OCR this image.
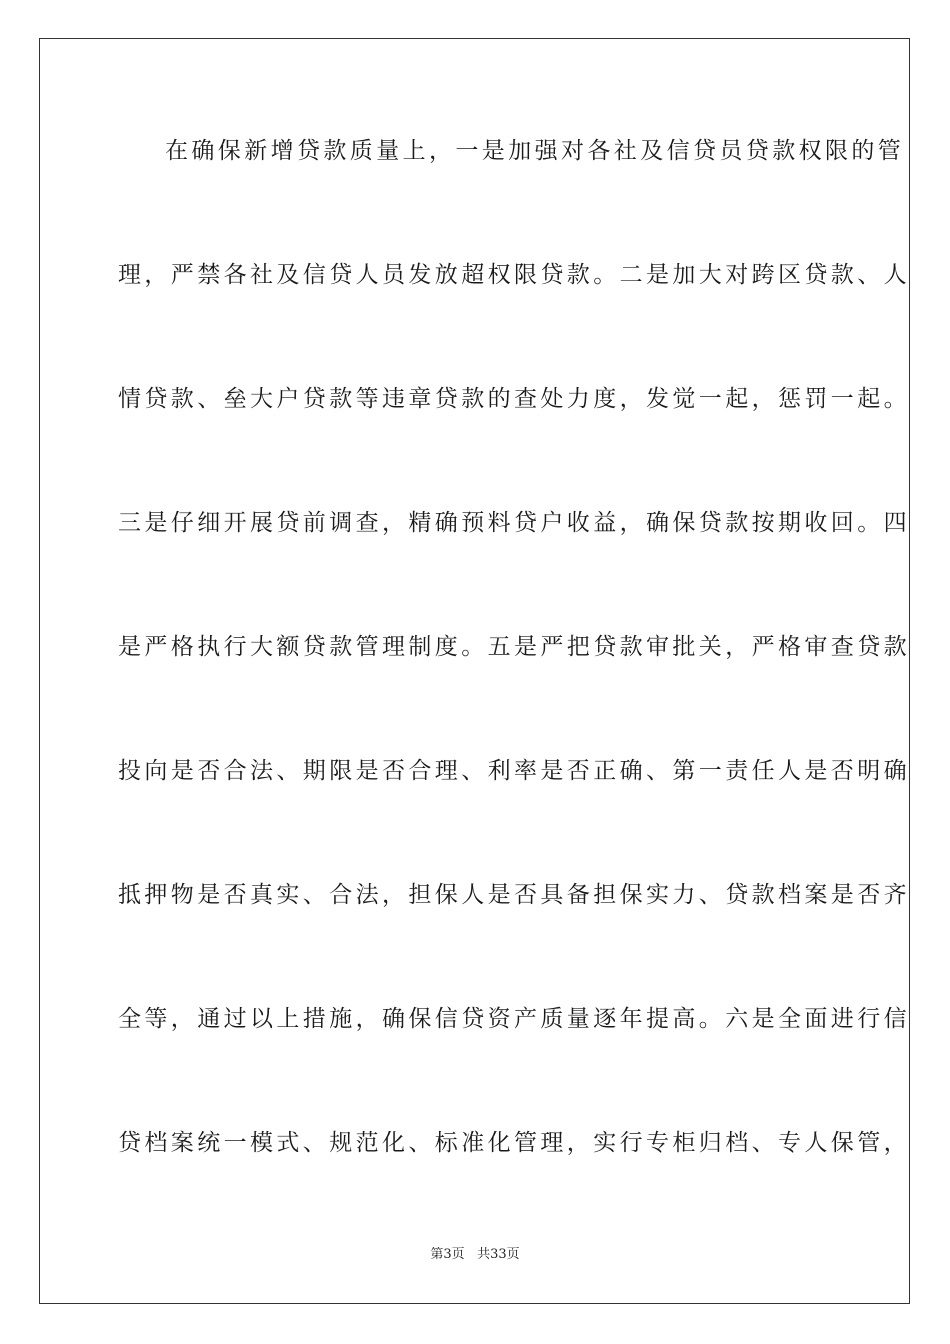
在确保新增贷款质量上，一是加强对各社及信贷员贷款权限的管
理，严禁各社及信贷人员发放超权限贷款。二是加大对跨区贷款、人
情贷款、垒大户贷款等违章贷款的查处力度，发觉一起，惩罚一起。
三是仔细开展贷前调查，精确预料贷户收益，确保贷款按期收回。四
是严格执行大额贷款管理制度。五是严把贷款审批关，严格审查贷款
投向是否合法、期限是否合理、利率是否正确、第一责任人是否明确
抵押物是否真实、合法，担保人是否具备担保实力、贷款档案是否齐
全等，通过以上措施，确保信贷资产质量逐年提高。六是全面进行信
贷档案统一模式、规范化、标准化管理，实行专柜归档、专人保管，
第3页 共33页
